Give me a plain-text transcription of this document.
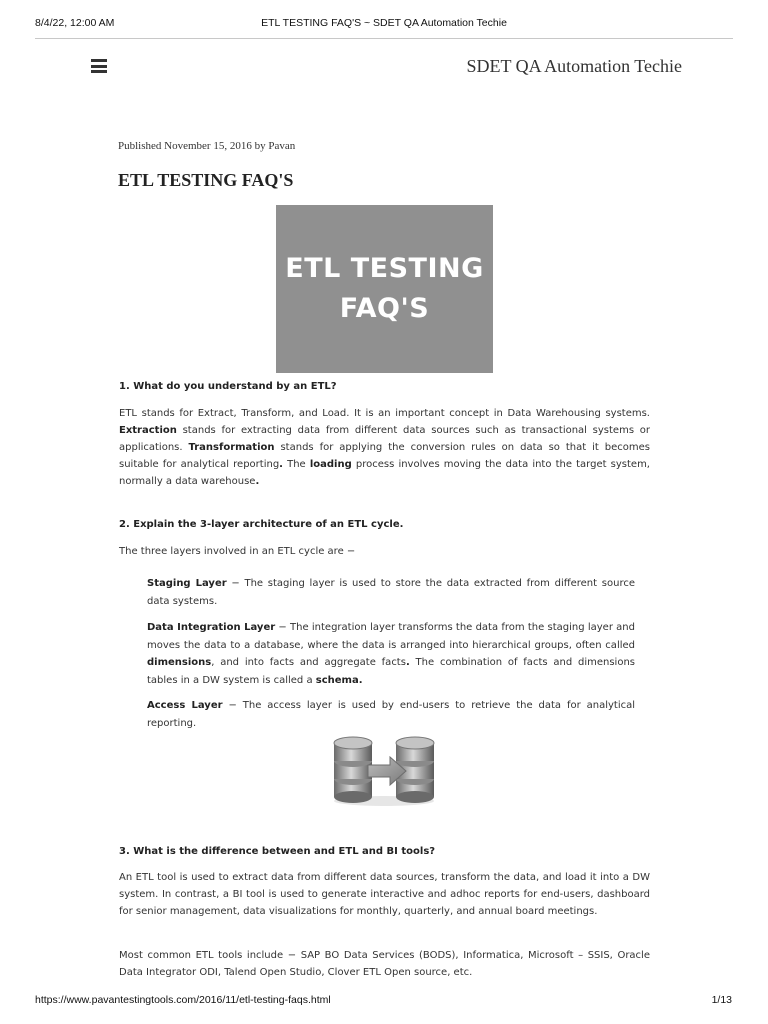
8/4/22, 12:00 AM	ETL TESTING FAQ'S ~ SDET QA Automation Techie
SDET QA Automation Techie
Published November 15, 2016 by Pavan
ETL TESTING FAQ'S
ETL TESTING
FAQ'S

1. What do you understand by an ETL?

ETL stands for Extract, Transform, and Load. It is an important concept in Data Warehousing systems. Extraction stands for extracting data from different data sources such as transactional systems or applications. Transformation stands for applying the conversion rules on data so that it becomes suitable for analytical reporting. The loading process involves moving the data into the target system, normally a data warehouse.

2. Explain the 3-layer architecture of an ETL cycle.

The three layers involved in an ETL cycle are −

Staging Layer − The staging layer is used to store the data extracted from different source data systems.
Data Integration Layer − The integration layer transforms the data from the staging layer and moves the data to a database, where the data is arranged into hierarchical groups, often called dimensions, and into facts and aggregate facts. The combination of facts and dimensions tables in a DW system is called a schema.
Access Layer − The access layer is used by end-users to retrieve the data for analytical reporting.

3. What is the difference between and ETL and BI tools?

An ETL tool is used to extract data from different data sources, transform the data, and load it into a DW system. In contrast, a BI tool is used to generate interactive and adhoc reports for end-users, dashboard for senior management, data visualizations for monthly, quarterly, and annual board meetings.

Most common ETL tools include − SAP BO Data Services (BODS), Informatica, Microsoft – SSIS, Oracle Data Integrator ODI, Talend Open Studio, Clover ETL Open source, etc.

https://www.pavantestingtools.com/2016/11/etl-testing-faqs.html	1/13
